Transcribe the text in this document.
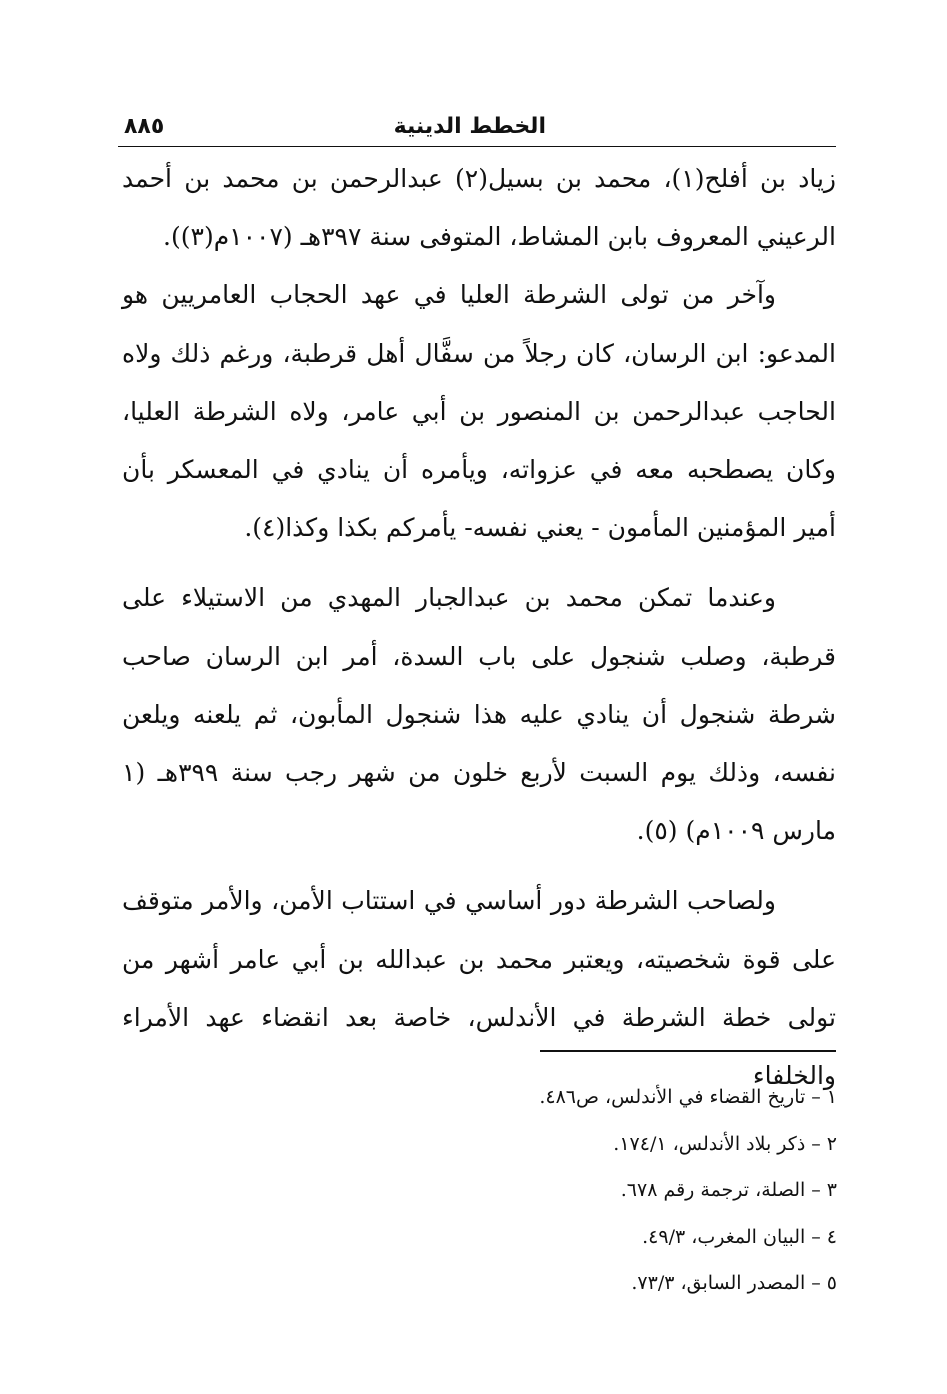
الخطط الدينية
٨٨٥

زياد بن أفلح(١)، محمد بن بسيل(٢) عبدالرحمن بن محمد بن أحمد الرعيني المعروف بابن المشاط، المتوفى سنة ٣٩٧هـ (١٠٠٧م(٣)).

وآخر من تولى الشرطة العليا في عهد الحجاب العامريين هو المدعو: ابن الرسان، كان رجلاً من سفَّال أهل قرطبة، ورغم ذلك ولاه الحاجب عبدالرحمن بن المنصور بن أبي عامر، ولاه الشرطة العليا، وكان يصطحبه معه في عزواته، ويأمره أن ينادي في المعسكر بأن أمير المؤمنين المأمون - يعني نفسه- يأمركم بكذا وكذا(٤).

وعندما تمكن محمد بن عبدالجبار المهدي من الاستيلاء على قرطبة، وصلب شنجول على باب السدة، أمر ابن الرسان صاحب شرطة شنجول أن ينادي عليه هذا شنجول المأبون، ثم يلعنه ويلعن نفسه، وذلك يوم السبت لأربع خلون من شهر رجب سنة ٣٩٩هـ (١ مارس ١٠٠٩م) (٥).

ولصاحب الشرطة دور أساسي في استتاب الأمن، والأمر متوقف على قوة شخصيته، ويعتبر محمد بن عبدالله بن أبي عامر أشهر من تولى خطة الشرطة في الأندلس، خاصة بعد انقضاء عهد الأمراء والخلفاء

١–تاريخ القضاء في الأندلس، ص٤٨٦.
٢–ذكر بلاد الأندلس، ١٧٤/١.
٣–الصلة، ترجمة رقم ٦٧٨.
٤–البيان المغرب، ٤٩/٣.
٥–المصدر السابق، ٧٣/٣.
